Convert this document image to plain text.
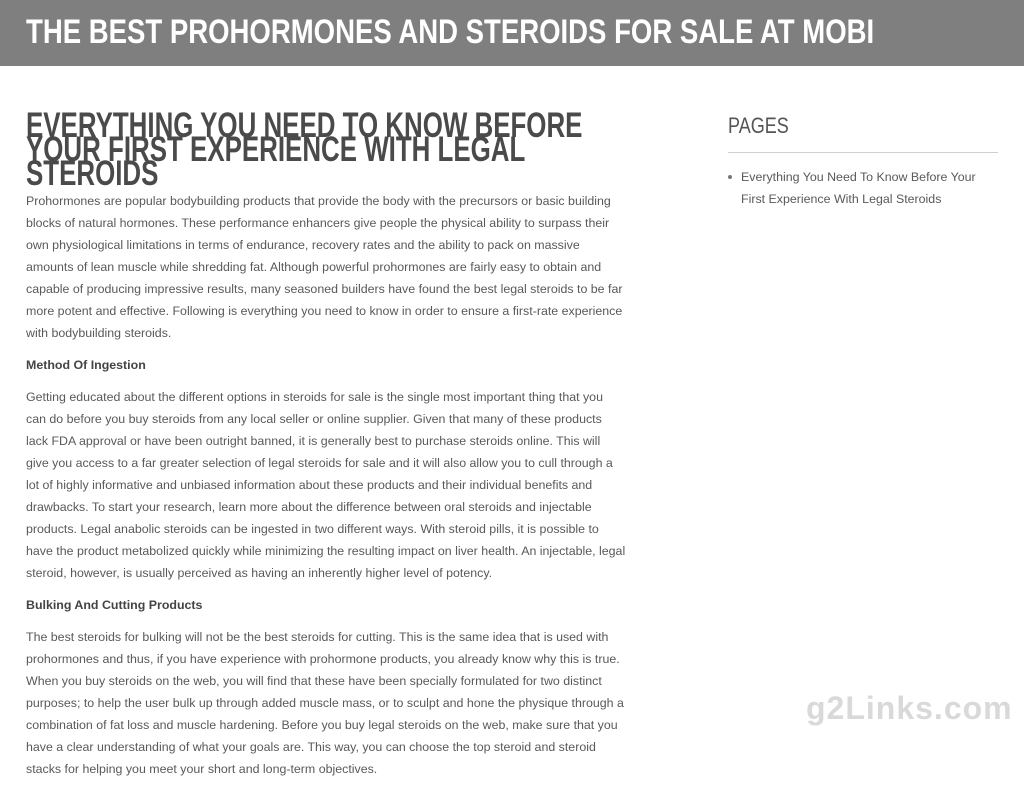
THE BEST PROHORMONES AND STEROIDS FOR SALE AT MOBI
EVERYTHING YOU NEED TO KNOW BEFORE YOUR FIRST EXPERIENCE WITH LEGAL STEROIDS

Prohormones are popular bodybuilding products that provide the body with the precursors or basic building blocks of natural hormones. These performance enhancers give people the physical ability to surpass their own physiological limitations in terms of endurance, recovery rates and the ability to pack on massive amounts of lean muscle while shredding fat. Although powerful prohormones are fairly easy to obtain and capable of producing impressive results, many seasoned builders have found the best legal steroids to be far more potent and effective. Following is everything you need to know in order to ensure a first-rate experience with bodybuilding steroids.

Method Of Ingestion

Getting educated about the different options in steroids for sale is the single most important thing that you can do before you buy steroids from any local seller or online supplier. Given that many of these products lack FDA approval or have been outright banned, it is generally best to purchase steroids online. This will give you access to a far greater selection of legal steroids for sale and it will also allow you to cull through a lot of highly informative and unbiased information about these products and their individual benefits and drawbacks. To start your research, learn more about the difference between oral steroids and injectable products. Legal anabolic steroids can be ingested in two different ways. With steroid pills, it is possible to have the product metabolized quickly while minimizing the resulting impact on liver health. An injectable, legal steroid, however, is usually perceived as having an inherently higher level of potency.

Bulking And Cutting Products

The best steroids for bulking will not be the best steroids for cutting. This is the same idea that is used with prohormones and thus, if you have experience with prohormone products, you already know why this is true. When you buy steroids on the web, you will find that these have been specially formulated for two distinct purposes; to help the user bulk up through added muscle mass, or to sculpt and hone the physique through a combination of fat loss and muscle hardening. Before you buy legal steroids on the web, make sure that you have a clear understanding of what your goals are. This way, you can choose the top steroid and steroid stacks for helping you meet your short and long-term objectives.

PAGES
Everything You Need To Know Before Your First Experience With Legal Steroids
g2Links.com
